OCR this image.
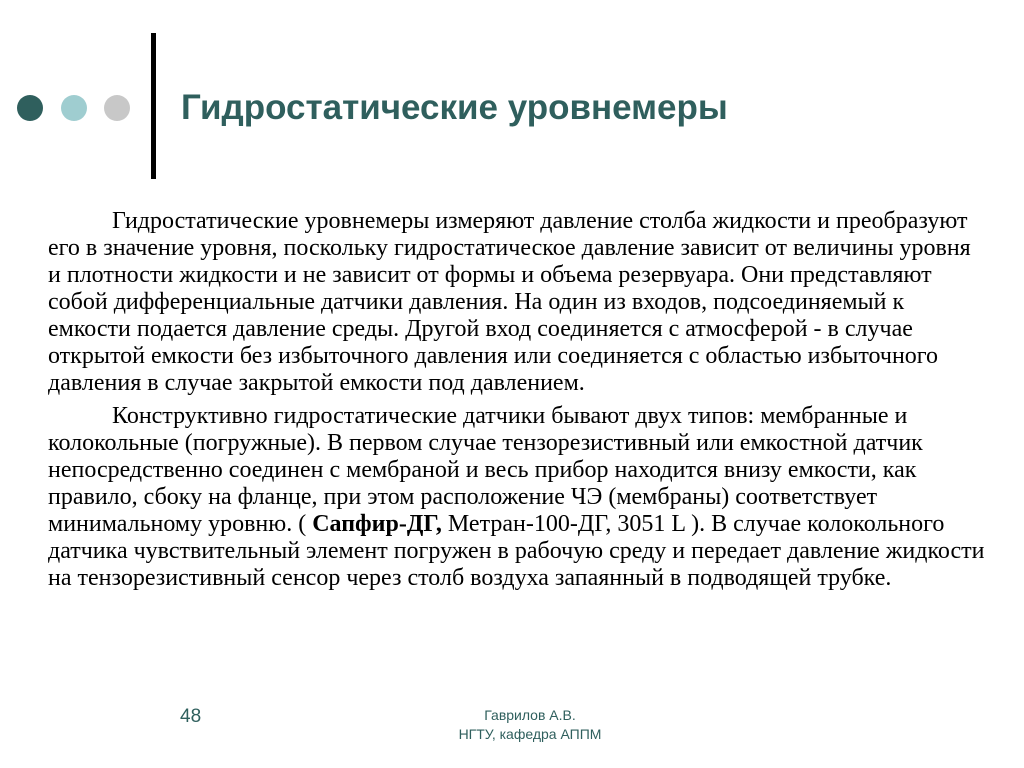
Гидростатические уровнемеры

Гидростатические уровнемеры измеряют давление столба жидкости и преобразуют его в значение уровня, поскольку гидростатическое давление зависит от величины уровня и плотности жидкости и не зависит от формы и объема резервуара. Они представляют собой дифференциальные датчики давления. На один из входов, подсоединяемый к емкости подается давление среды. Другой вход соединяется с атмосферой - в случае открытой емкости без избыточного давления или соединяется с областью избыточного давления в случае закрытой емкости под давлением.

Конструктивно гидростатические датчики бывают двух типов: мембранные и колокольные (погружные). В первом случае тензорезистивный или емкостной датчик непосредственно соединен с мембраной и весь прибор находится внизу емкости, как правило, сбоку на фланце, при этом расположение ЧЭ (мембраны) соответствует минимальному уровню. ( Сапфир-ДГ, Метран-100-ДГ, 3051 L ). В случае колокольного датчика чувствительный элемент погружен в рабочую среду и передает давление жидкости на тензорезистивный сенсор через столб воздуха запаянный в подводящей трубке.

48	Гаврилов А.В.
НГТУ, кафедра АППМ
